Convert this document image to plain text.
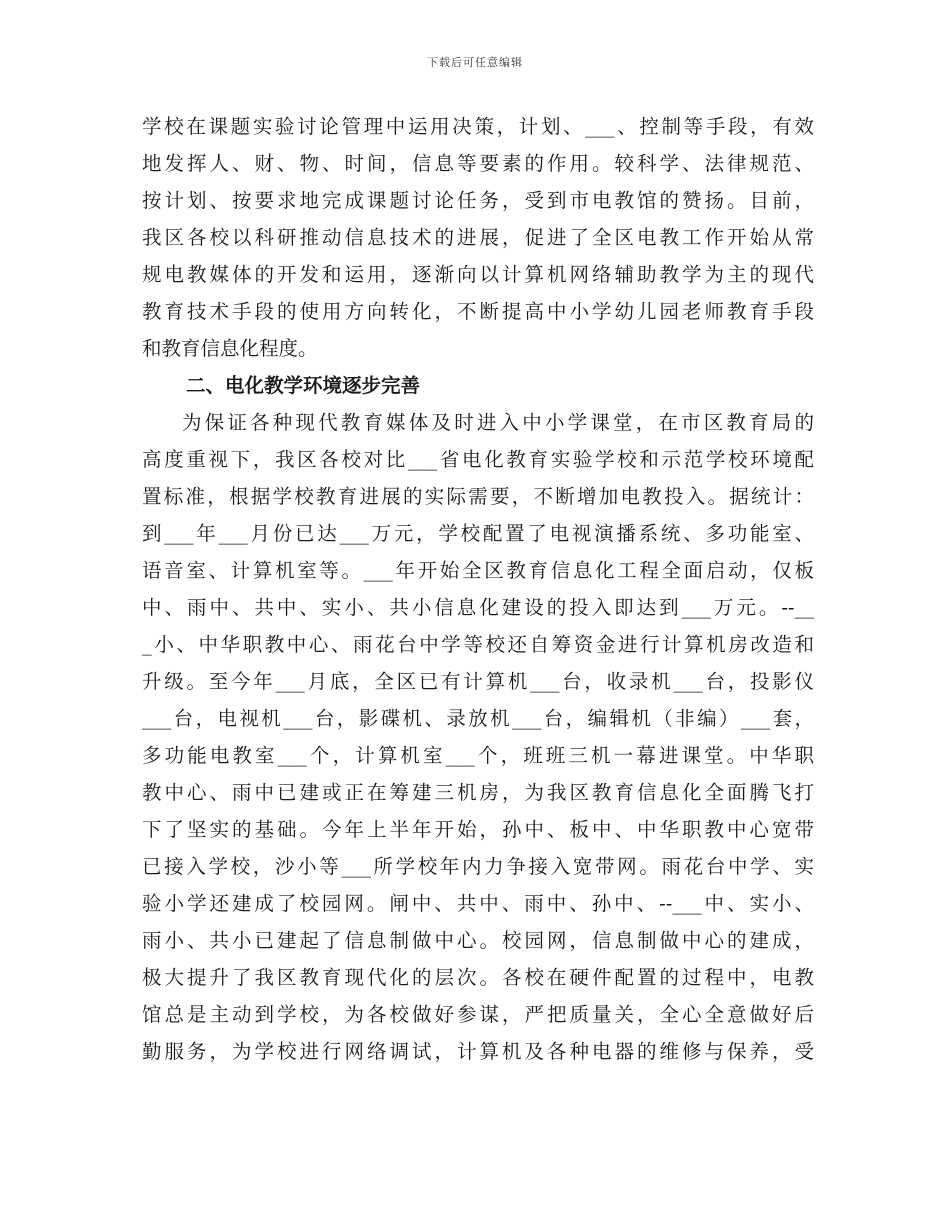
下载后可任意编辑
学校在课题实验讨论管理中运用决策，计划、___、控制等手段，有效
地发挥人、财、物、时间，信息等要素的作用。较科学、法律规范、
按计划、按要求地完成课题讨论任务，受到市电教馆的赞扬。目前，
我区各校以科研推动信息技术的进展，促进了全区电教工作开始从常
规电教媒体的开发和运用，逐渐向以计算机网络辅助教学为主的现代
教育技术手段的使用方向转化，不断提高中小学幼儿园老师教育手段
和教育信息化程度。
二、电化教学环境逐步完善
为保证各种现代教育媒体及时进入中小学课堂，在市区教育局的
高度重视下，我区各校对比___省电化教育实验学校和示范学校环境配
置标准，根据学校教育进展的实际需要，不断增加电教投入。据统计：
到___年___月份已达___万元，学校配置了电视演播系统、多功能室、
语音室、计算机室等。___年开始全区教育信息化工程全面启动，仅板
中、雨中、共中、实小、共小信息化建设的投入即达到___万元。--__
_小、中华职教中心、雨花台中学等校还自筹资金进行计算机房改造和
升级。至今年___月底，全区已有计算机___台，收录机___台，投影仪
___台，电视机___台，影碟机、录放机___台，编辑机（非编）___套，
多功能电教室___个，计算机室___个，班班三机一幕进课堂。中华职
教中心、雨中已建或正在筹建三机房，为我区教育信息化全面腾飞打
下了坚实的基础。今年上半年开始，孙中、板中、中华职教中心宽带
已接入学校，沙小等___所学校年内力争接入宽带网。雨花台中学、实
验小学还建成了校园网。闸中、共中、雨中、孙中、--___中、实小、
雨小、共小已建起了信息制做中心。校园网，信息制做中心的建成，
极大提升了我区教育现代化的层次。各校在硬件配置的过程中，电教
馆总是主动到学校，为各校做好参谋，严把质量关，全心全意做好后
勤服务，为学校进行网络调试，计算机及各种电器的维修与保养，受
